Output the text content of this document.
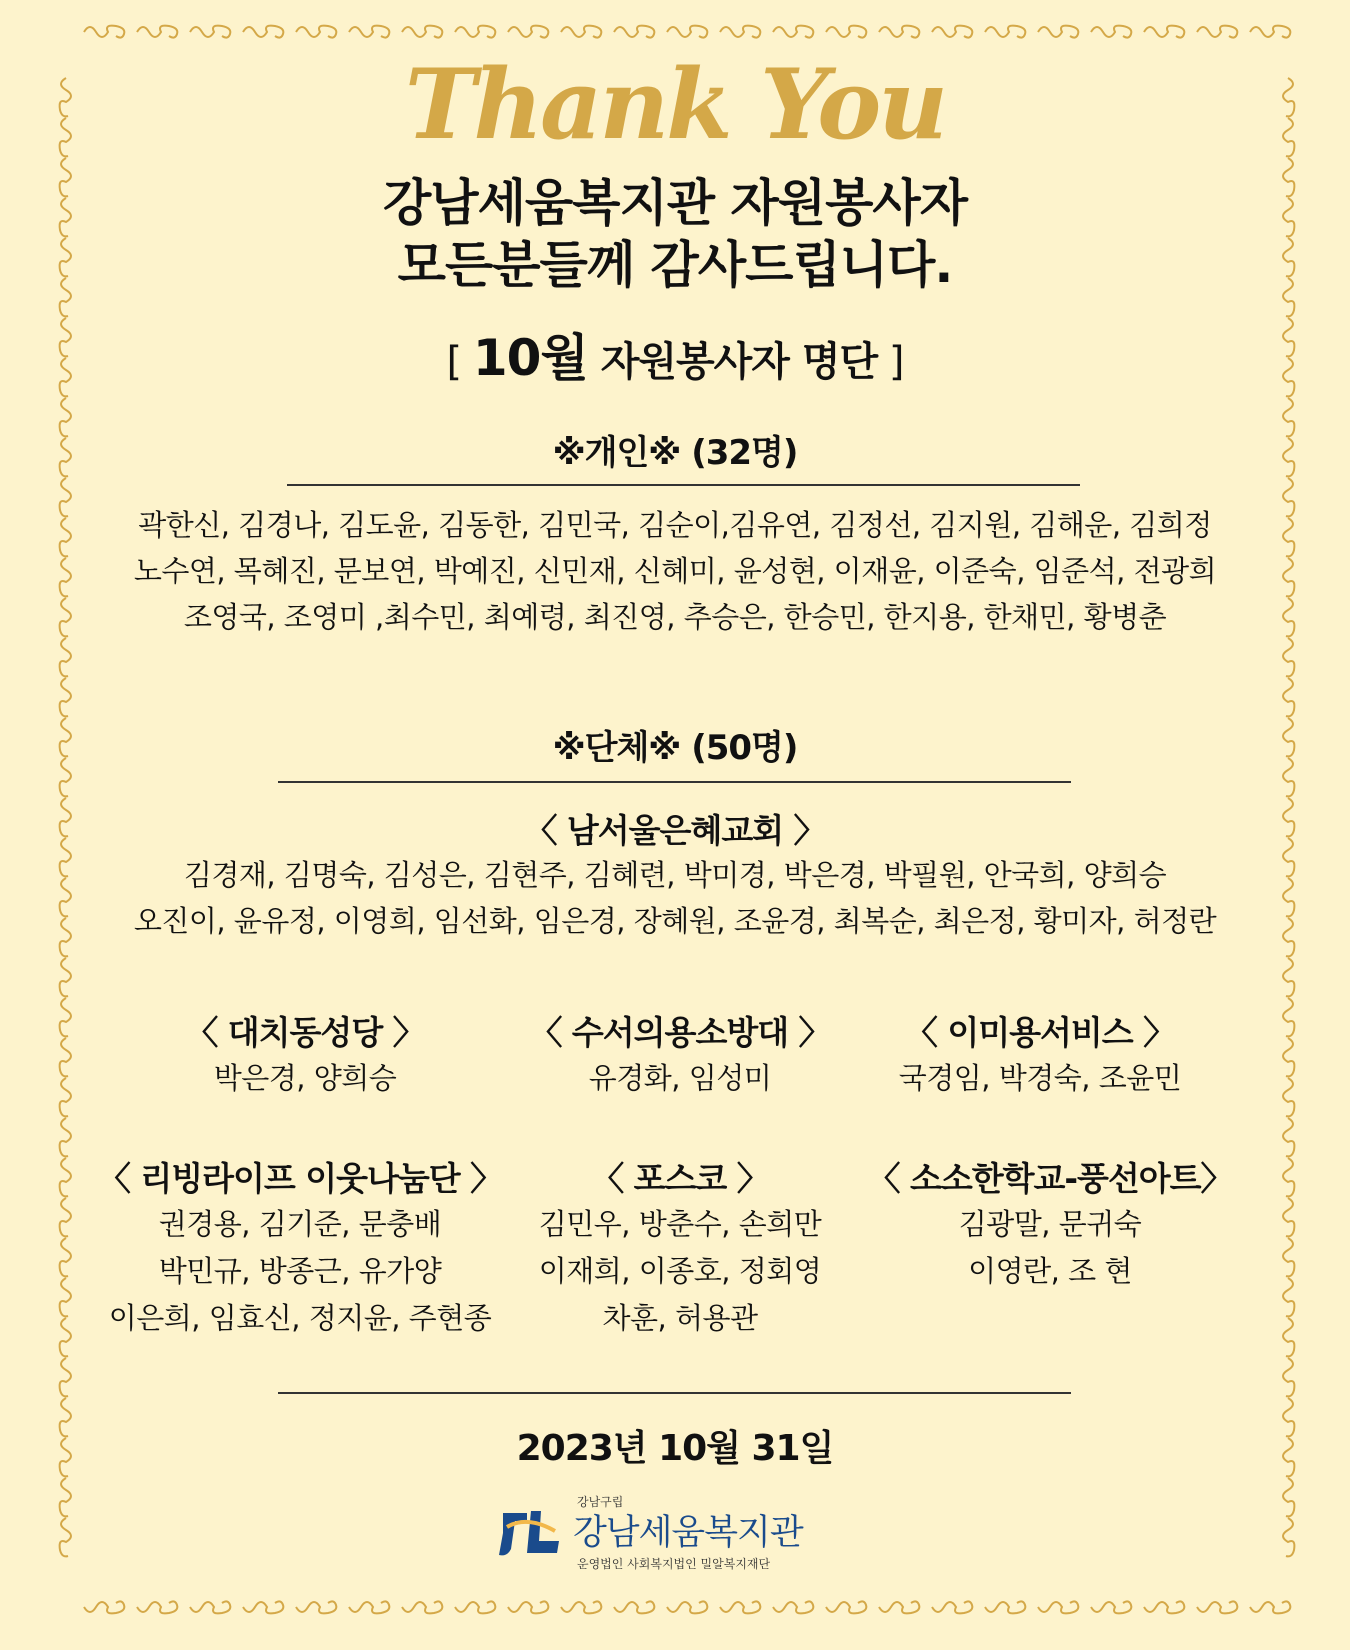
Thank You
강남세움복지관 자원봉사자
모든분들께 감사드립니다.
[ 10월 자원봉사자 명단 ]
※개인※ (32명)
곽한신, 김경나, 김도윤, 김동한, 김민국, 김순이,김유연, 김정선, 김지원, 김해운, 김희정
노수연, 목혜진, 문보연, 박예진, 신민재, 신혜미, 윤성현, 이재윤, 이준숙, 임준석, 전광희
조영국, 조영미 ,최수민, 최예령, 최진영, 추승은, 한승민, 한지용, 한채민, 황병춘
※단체※ (50명)
〈 남서울은혜교회 〉
김경재, 김명숙, 김성은, 김현주, 김혜련, 박미경, 박은경, 박필원, 안국희, 양희승
오진이, 윤유정, 이영희, 임선화, 임은경, 장혜원, 조윤경, 최복순, 최은정, 황미자, 허정란
〈 대치동성당 〉
박은경, 양희승
〈 수서의용소방대 〉
유경화, 임성미
〈 이미용서비스 〉
국경임, 박경숙, 조윤민
〈 리빙라이프 이웃나눔단 〉
권경용, 김기준, 문충배
박민규, 방종근, 유가양
이은희, 임효신, 정지윤, 주현종
〈 포스코 〉
김민우, 방춘수, 손희만
이재희, 이종호, 정회영
차훈, 허용관
〈 소소한학교-풍선아트〉
김광말, 문귀숙
이영란, 조 현
2023년 10월 31일
강남구립
강남세움복지관
운영법인 사회복지법인 밀알복지재단
